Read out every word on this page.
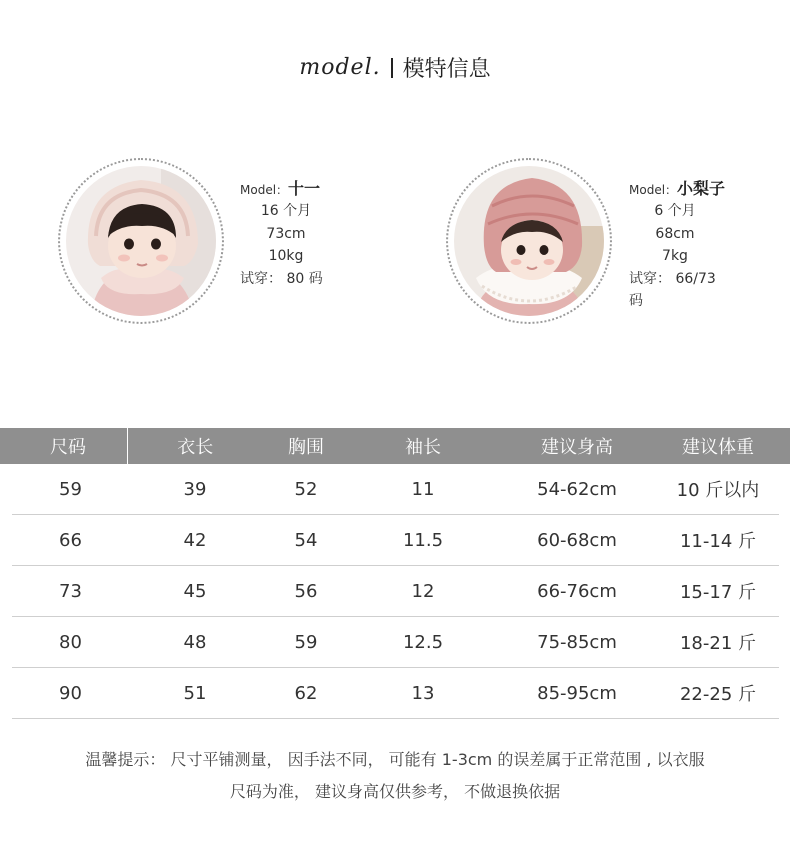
model. 模特信息
Model：十一
16 个月
73cm
10kg
试穿： 80 码
Model：小梨子
6 个月
68cm
7kg
试穿： 66/73 码
	尺码	衣长	胸围	袖长	建议身高	建议体重	
	59	39	52	11	54-62cm	10 斤以内	
	66	42	54	11.5	60-68cm	11-14 斤	
	73	45	56	12	66-76cm	15-17 斤	
	80	48	59	12.5	75-85cm	18-21 斤	
	90	51	62	13	85-95cm	22-25 斤	
温馨提示： 尺寸平铺测量， 因手法不同， 可能有 1-3cm 的误差属于正常范围 , 以衣服
尺码为准， 建议身高仅供参考， 不做退换依据
